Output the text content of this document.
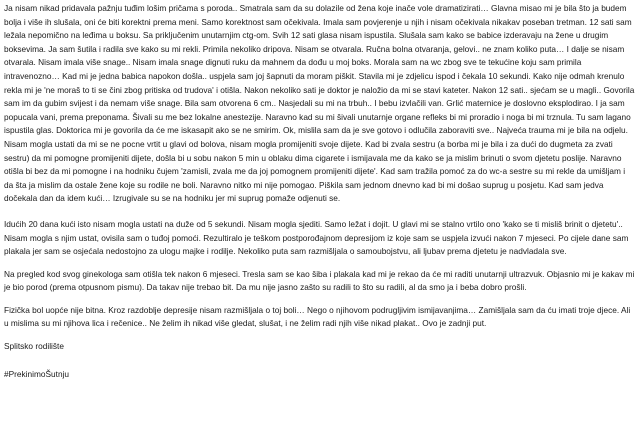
Ja nisam nikad pridavala pažnju tuđim lošim pričama s poroda.. Smatrala sam da su dolazile od žena koje inače vole dramatizirati… Glavna misao mi je bila što ja budem bolja i više ih slušala, oni će biti korektni prema meni. Samo korektnost sam očekivala. Imala sam povjerenje u njih i nisam očekivala nikakav poseban tretman. 12 sati sam ležala nepomično na leđima u boksu. Sa priključenim unutarnjim ctg-om. Svih 12 sati glasa nisam ispustila. Slušala sam kako se babice izderavaju na žene u drugim boksevima. Ja sam šutila i radila sve kako su mi rekli. Primila nekoliko dripova. Nisam se otvarala. Ručna bolna otvaranja, gelovi.. ne znam koliko puta… I dalje se nisam otvarala. Nisam imala više snage.. Nisam imala snage dignuti ruku da mahnem da dođu u moj boks. Morala sam na wc zbog sve te tekućine koju sam primila intravenozno… Kad mi je jedna babica napokon došla.. uspjela sam joj šapnuti da moram piškit. Stavila mi je zdjelicu ispod i čekala 10 sekundi. Kako nije odmah krenulo rekla mi je 'ne moraš to ti se čini zbog pritiska od trudova' i otišla. Nakon nekoliko sati je doktor je naložio da mi se stavi kateter. Nakon 12 sati.. sjećam se u magli.. Govorila sam im da gubim svijest i da nemam više snage. Bila sam otvorena 6 cm.. Nasjedali su mi na trbuh.. I bebu izvlačili van. Grlić maternice je doslovno eksplodirao. I ja sam popucala vani, prema preponama. Šivali su me bez lokalne anestezije. Naravno kad su mi šivali unutarnje organe refleks bi mi proradio i noga bi mi trznula. Tu sam lagano ispustila glas. Doktorica mi je govorila da će me iskasapit ako se ne smirim. Ok, mislila sam da je sve gotovo i odlučila zaboraviti sve.. Najveća trauma mi je bila na odjelu. Nisam mogla ustati da mi se ne pocne vrtit u glavi od bolova, nisam mogla promijeniti svoje dijete. Kad bi zvala sestru (a borba mi je bila i za dući do dugmeta za zvati sestru) da mi pomogne promijeniti dijete, došla bi u sobu nakon 5 min u oblaku dima cigarete i ismijavala me da kako se ja mislim brinuti o svom djetetu poslije. Naravno otišla bi bez da mi pomogne i na hodniku čujem 'zamisli, zvala me da joj pomognem promijeniti dijete'. Kad sam tražila pomoć za do wc-a sestre su mi rekle da umišljam i da šta ja mislim da ostale žene koje su rodile ne boli. Naravno nitko mi nije pomogao. Piškila sam jednom dnevno kad bi mi došao suprug u posjetu. Kad sam jedva dočekala dan da idem kući… Izrugivale su se na hodniku jer mi suprug pomaže odjenuti se.

Idućih 20 dana kući isto nisam mogla ustati na duže od 5 sekundi. Nisam mogla sjediti. Samo ležat i dojit. U glavi mi se stalno vrtilo ono 'kako se ti misliš brinit o djetetu'.. Nisam mogla s njim ustat, ovisila sam o tuđoj pomoći. Rezultiralo je teškom postporođajnom depresijom iz koje sam se uspjela izvući nakon 7 mjeseci. Po cijele dane sam plakala jer sam se osjećala nedostojno za ulogu majke i rodilje. Nekoliko puta sam razmišljala o samoubojstvu, ali ljubav prema djetetu je nadvladala sve.

Na pregled kod svog ginekologa sam otišla tek nakon 6 mjeseci. Tresla sam se kao šiba i plakala kad mi je rekao da će mi raditi unutarnji ultrazvuk. Objasnio mi je kakav mi je bio porod (prema otpusnom pismu). Da takav nije trebao bit. Da mu nije jasno zašto su radili to što su radili, al da smo ja i beba dobro prošli.

Fizička bol uopće nije bitna. Kroz razdoblje depresije nisam razmišljala o toj boli… Nego o njihovom podrugljivim ismijavanjima… Zamišljala sam da ću imati troje djece. Ali u mislima su mi njihova lica i rečenice.. Ne želim ih nikad više gledat, slušat, i ne želim radi njih više nikad plakat.. Ovo je zadnji put.

Splitsko rodilište

#PrekinimoŠutnju
